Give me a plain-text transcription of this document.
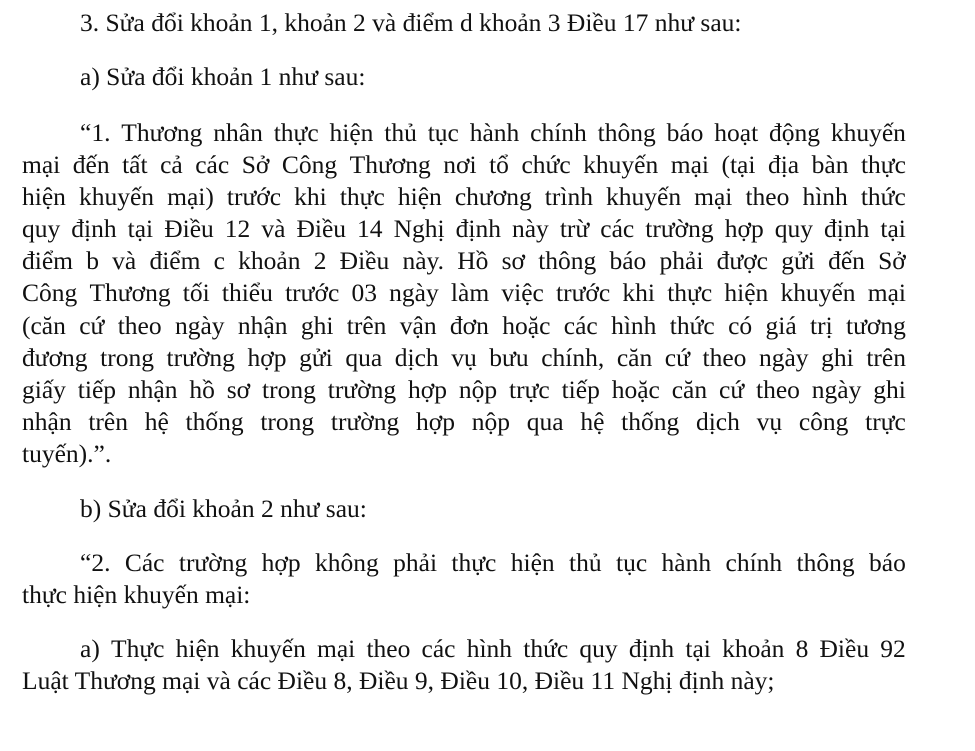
3. Sửa đổi khoản 1, khoản 2 và điểm d khoản 3 Điều 17 như sau:
a) Sửa đổi khoản 1 như sau:
“1. Thương nhân thực hiện thủ tục hành chính thông báo hoạt động khuyến
mại đến tất cả các Sở Công Thương nơi tổ chức khuyến mại (tại địa bàn thực
hiện khuyến mại) trước khi thực hiện chương trình khuyến mại theo hình thức
quy định tại Điều 12 và Điều 14 Nghị định này trừ các trường hợp quy định tại
điểm b và điểm c khoản 2 Điều này. Hồ sơ thông báo phải được gửi đến Sở
Công Thương tối thiểu trước 03 ngày làm việc trước khi thực hiện khuyến mại
(căn cứ theo ngày nhận ghi trên vận đơn hoặc các hình thức có giá trị tương
đương trong trường hợp gửi qua dịch vụ bưu chính, căn cứ theo ngày ghi trên
giấy tiếp nhận hồ sơ trong trường hợp nộp trực tiếp hoặc căn cứ theo ngày ghi
nhận trên hệ thống trong trường hợp nộp qua hệ thống dịch vụ công trực
tuyến).”.
b) Sửa đổi khoản 2 như sau:
“2. Các trường hợp không phải thực hiện thủ tục hành chính thông báo
thực hiện khuyến mại:
a) Thực hiện khuyến mại theo các hình thức quy định tại khoản 8 Điều 92
Luật Thương mại và các Điều 8, Điều 9, Điều 10, Điều 11 Nghị định này;
